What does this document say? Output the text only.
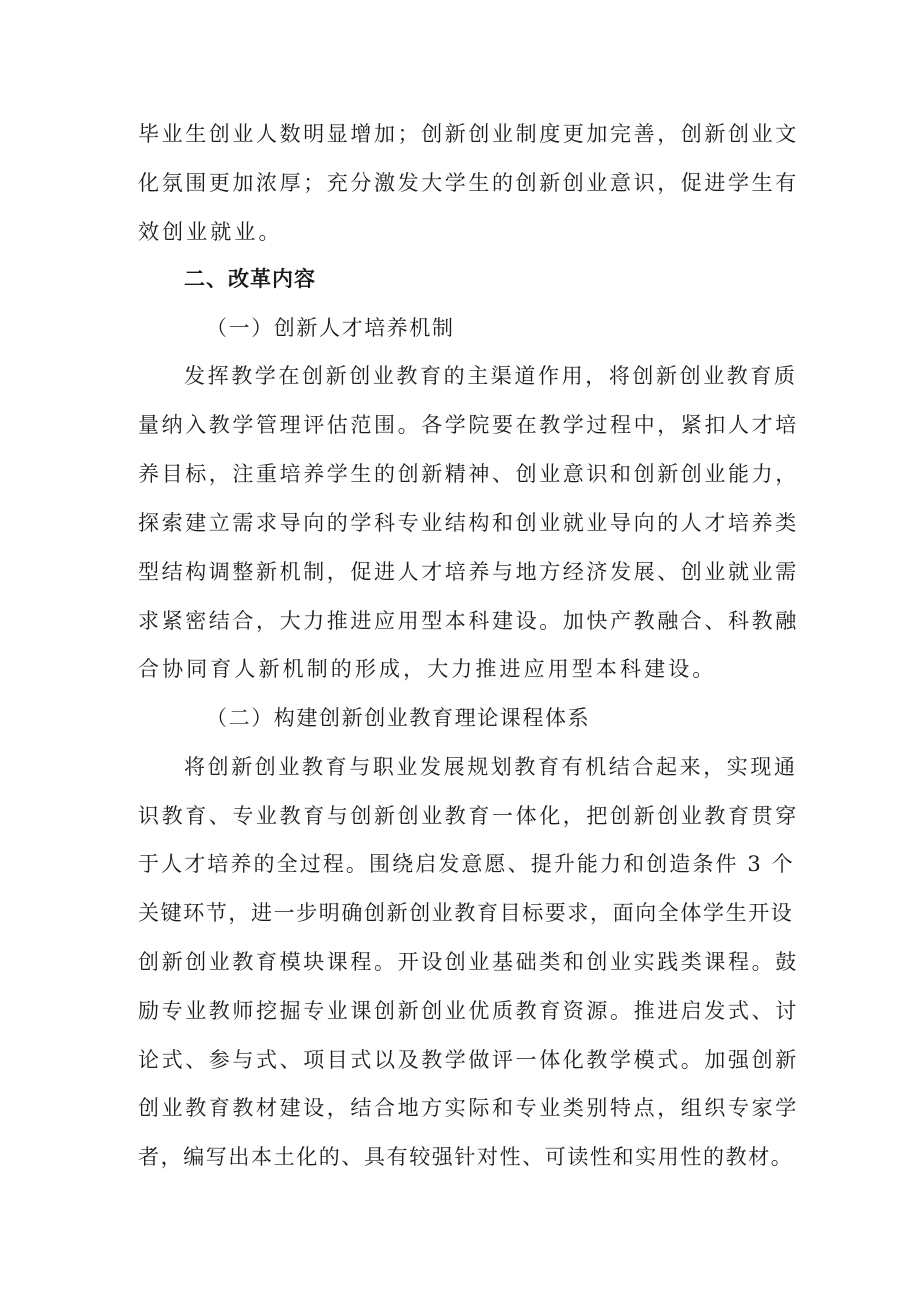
毕业生创业人数明显增加；创新创业制度更加完善，创新创业文
化氛围更加浓厚；充分激发大学生的创新创业意识，促进学生有
效创业就业。
二、改革内容
（一）创新人才培养机制
发挥教学在创新创业教育的主渠道作用，将创新创业教育质
量纳入教学管理评估范围。各学院要在教学过程中，紧扣人才培
养目标，注重培养学生的创新精神、创业意识和创新创业能力，
探索建立需求导向的学科专业结构和创业就业导向的人才培养类
型结构调整新机制，促进人才培养与地方经济发展、创业就业需
求紧密结合，大力推进应用型本科建设。加快产教融合、科教融
合协同育人新机制的形成，大力推进应用型本科建设。
（二）构建创新创业教育理论课程体系
将创新创业教育与职业发展规划教育有机结合起来，实现通
识教育、专业教育与创新创业教育一体化，把创新创业教育贯穿
于人才培养的全过程。围绕启发意愿、提升能力和创造条件 3 个
关键环节，进一步明确创新创业教育目标要求，面向全体学生开设
创新创业教育模块课程。开设创业基础类和创业实践类课程。鼓
励专业教师挖掘专业课创新创业优质教育资源。推进启发式、讨
论式、参与式、项目式以及教学做评一体化教学模式。加强创新
创业教育教材建设，结合地方实际和专业类别特点，组织专家学
者，编写出本土化的、具有较强针对性、可读性和实用性的教材。
